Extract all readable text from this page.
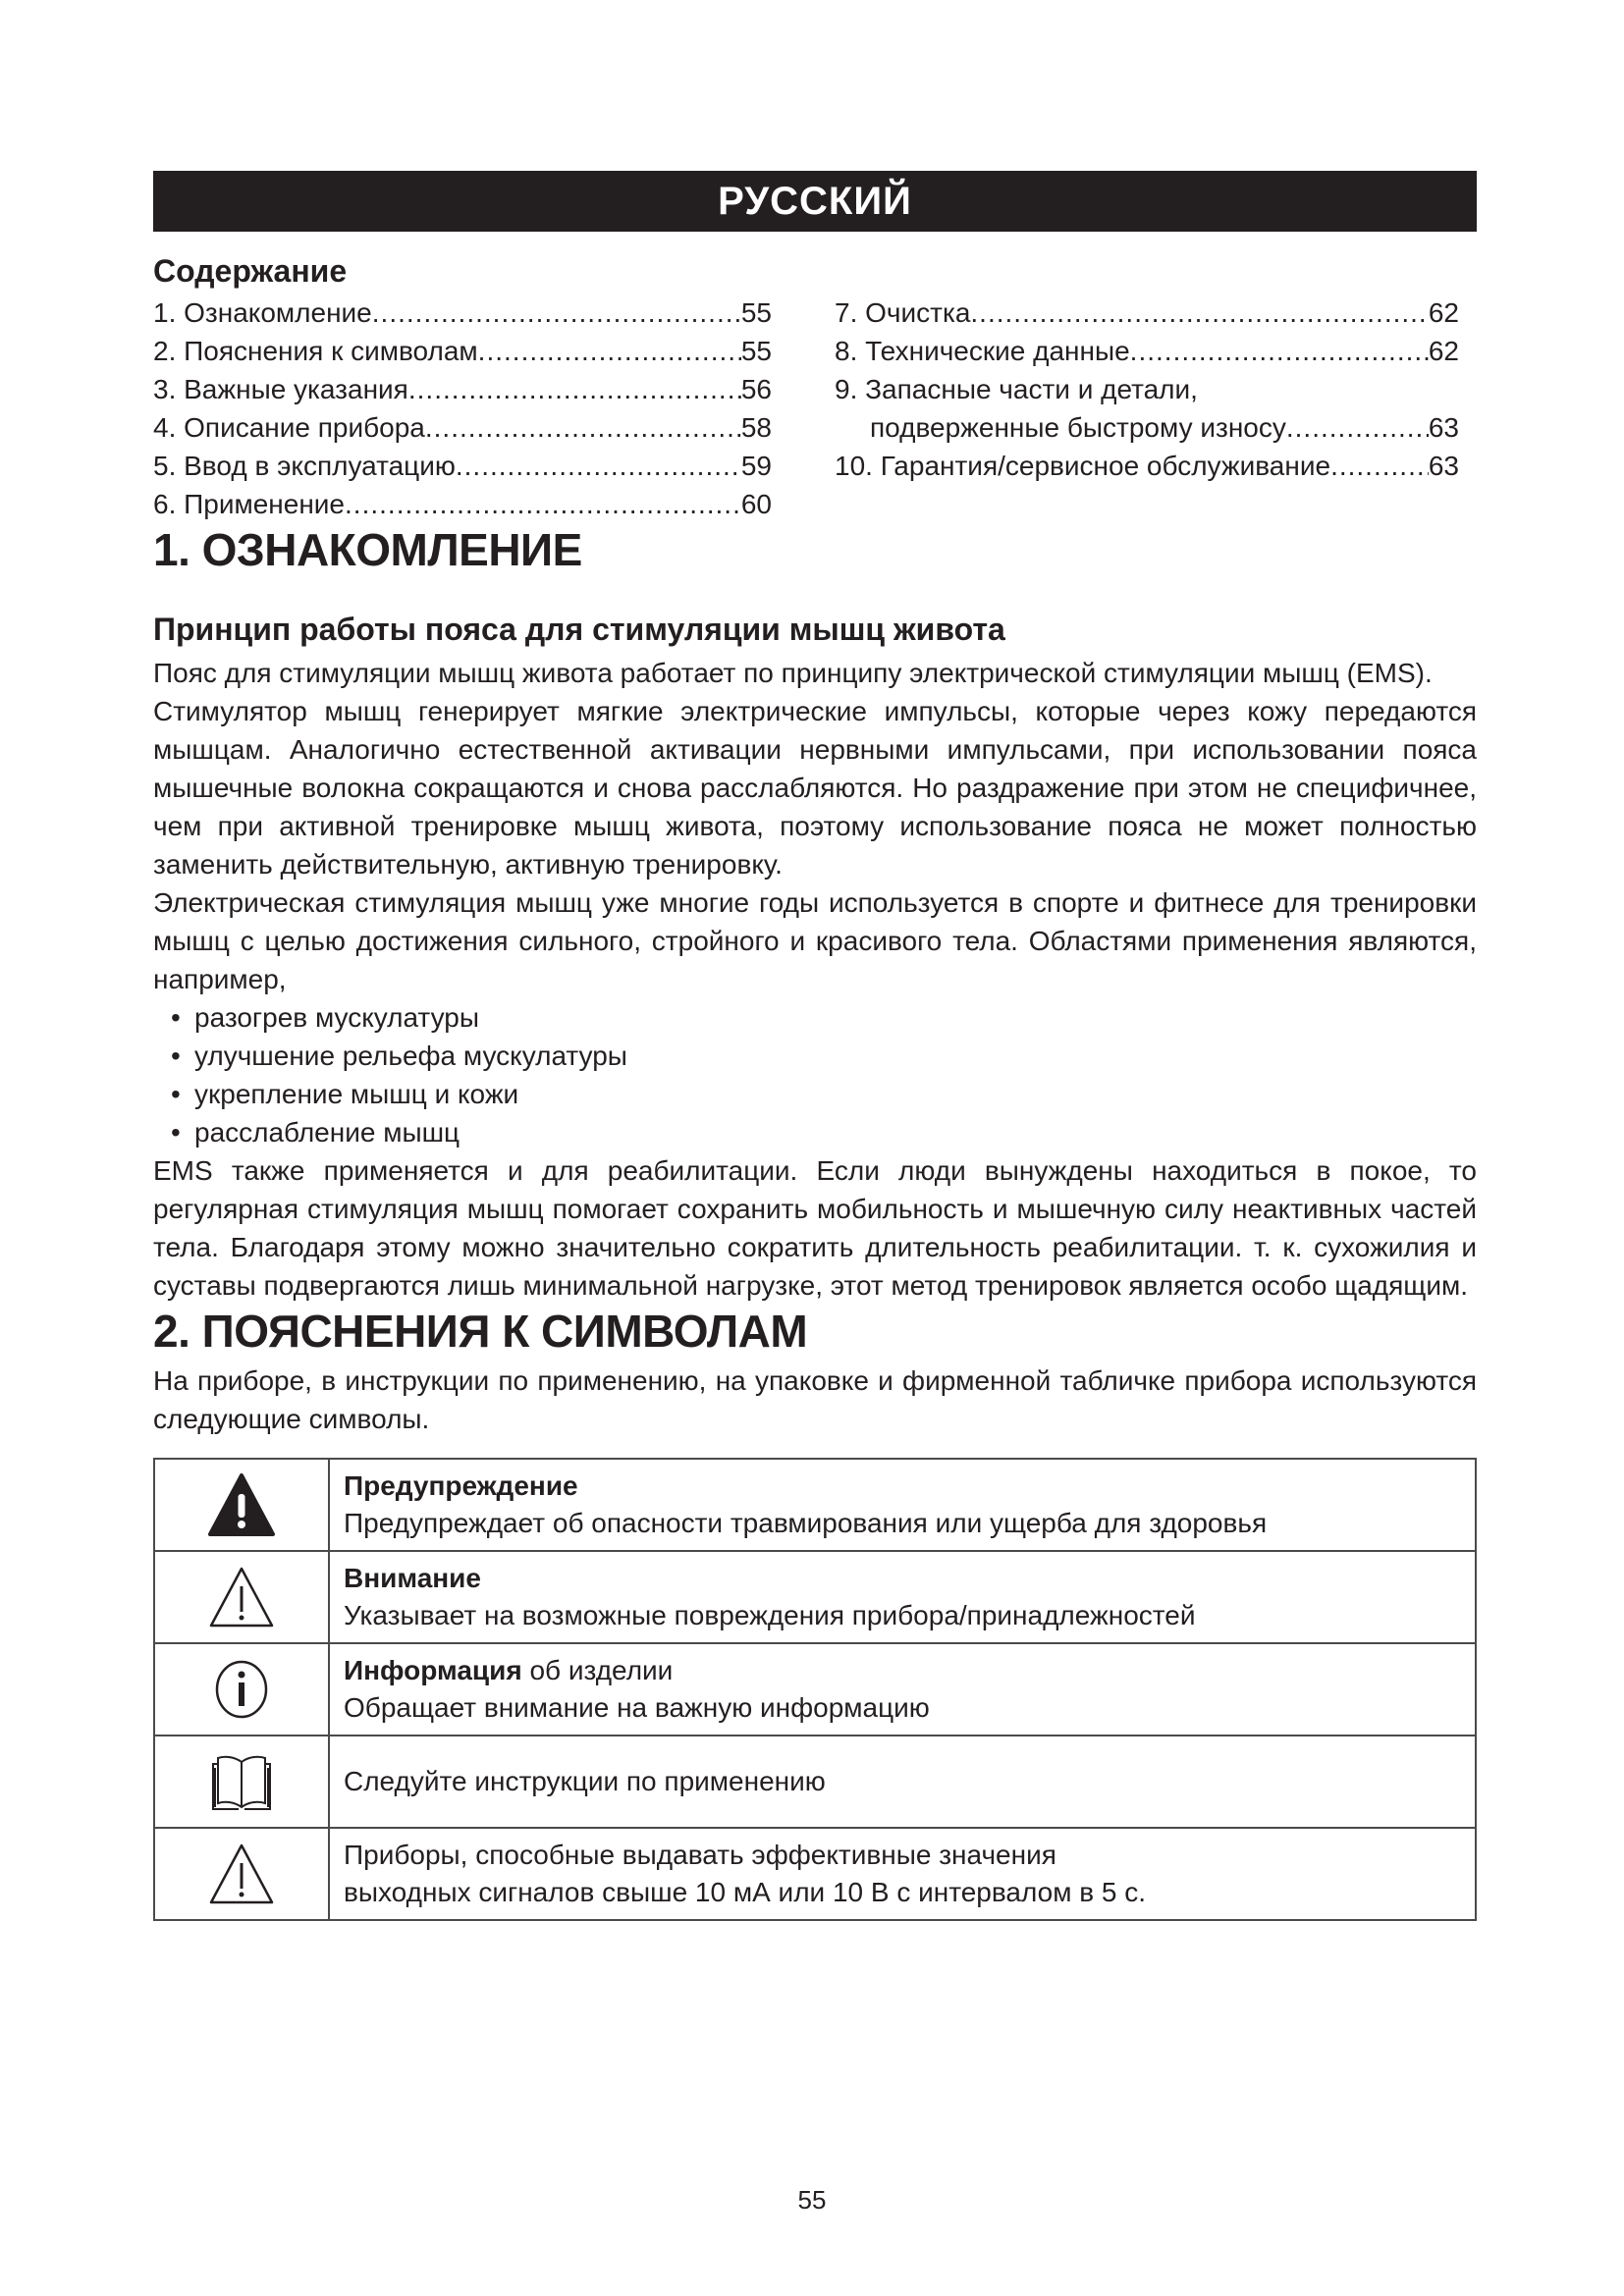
РУССКИЙ
Содержание
1. Ознакомление .....	55
2. Пояснения к символам .....	55
3. Важные указания .....	56
4. Описание прибора .....	58
5. Ввод в эксплуатацию .....	59
6. Применение .....	60
7. Очистка .....	62
8. Технические данные .....	62
9. Запасные части и детали,
подверженные быстрому износу .....	63
10. Гарантия/сервисное обслуживание .....	63
1. ОЗНАКОМЛЕНИЕ
Принцип работы пояса для стимуляции мышц живота

Пояс для стимуляции мышц живота работает по принципу электрической стимуляции мышц (EMS).

Стимулятор мышц генерирует мягкие электрические импульсы, которые через кожу передаются мышцам. Аналогично естественной активации нервными импульсами, при использовании пояса мышечные волокна сокращаются и снова расслабляются. Но раздражение при этом не специфичнее, чем при активной тренировке мышц живота, поэтому использование пояса не может полностью заменить действительную, активную тренировку.

Электрическая стимуляция мышц уже многие годы используется в спорте и фитнесе для тренировки мышц с целью достижения сильного, стройного и красивого тела. Областями применения являются, например,

• разогрев мускулатуры
• улучшение рельефа мускулатуры
• укрепление мышц и кожи
• расслабление мышц

EMS также применяется и для реабилитации. Если люди вынуждены находиться в покое, то регулярная стимуляция мышц помогает сохранить мобильность и мышечную силу неактивных частей тела. Благодаря этому можно значительно сократить длительность реабилитации. т. к. сухожилия и суставы подвергаются лишь минимальной нагрузке, этот метод тренировок является особо щадящим.

2. ПОЯСНЕНИЯ К СИМВОЛАМ
На приборе, в инструкции по применению, на упаковке и фирменной табличке прибора используются следующие символы.

Предупреждение
Предупреждает об опасности травмирования или ущерба для здоровья

Внимание
Указывает на возможные повреждения прибора/принадлежностей

Информация об изделии
Обращает внимание на важную информацию

Следуйте инструкции по применению

Приборы, способные выдавать эффективные значения
выходных сигналов свыше 10 мА или 10 В с интервалом в 5 с.
55
